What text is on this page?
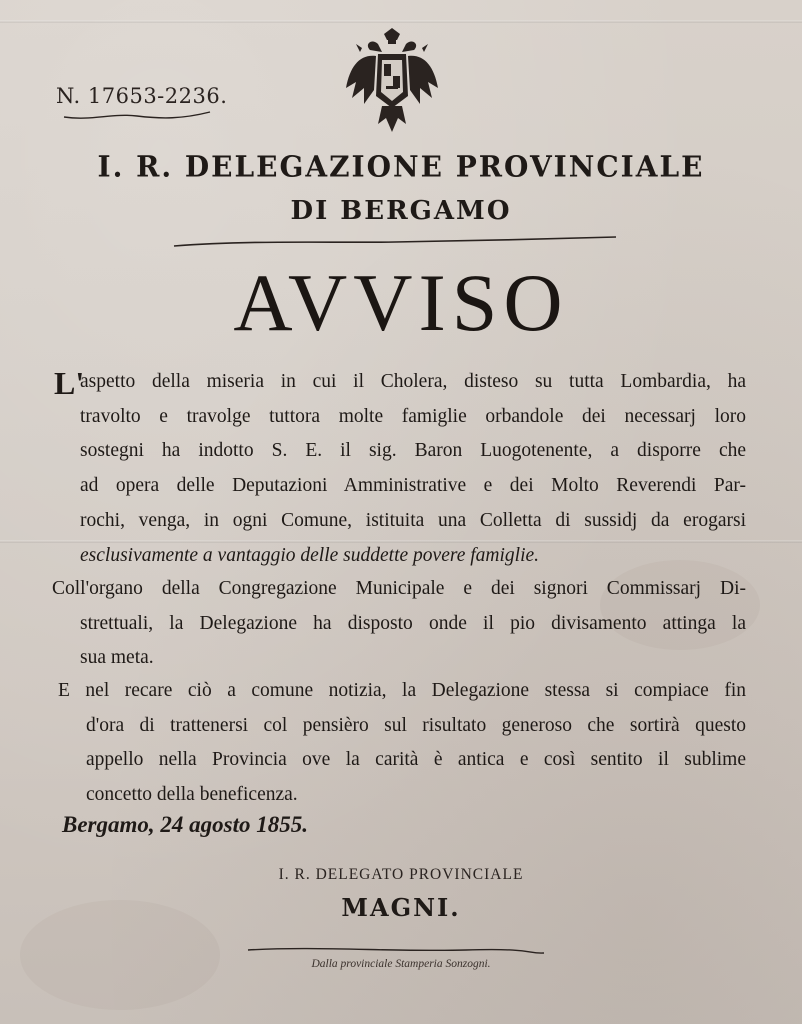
N. 17653-2236.
I. R. DELEGAZIONE PROVINCIALE
DI BERGAMO
AVVISO
L'
aspetto della miseria in cui il Cholera, disteso su tutta Lombardia, ha
travolto e travolge tuttora molte famiglie orbandole dei necessarj loro
sostegni ha indotto S. E. il sig. Baron Luogotenente, a disporre che
ad opera delle Deputazioni Amministrative e dei Molto Reverendi Par-
rochi, venga, in ogni Comune, istituita una Colletta di sussidj da erogarsi
esclusivamente a vantaggio delle suddette povere famiglie.
Coll'organo della Congregazione Municipale e dei signori Commissarj Di-
strettuali, la Delegazione ha disposto onde il pio divisamento attinga la
sua meta.
E nel recare ciò a comune notizia, la Delegazione stessa si compiace fin
d'ora di trattenersi col pensièro sul risultato generoso che sortirà questo
appello nella Provincia ove la carità è antica e così sentito il sublime
concetto della beneficenza.
Bergamo, 24 agosto 1855.
I. R. DELEGATO PROVINCIALE
MAGNI.
Dalla provinciale Stamperia Sonzogni.
